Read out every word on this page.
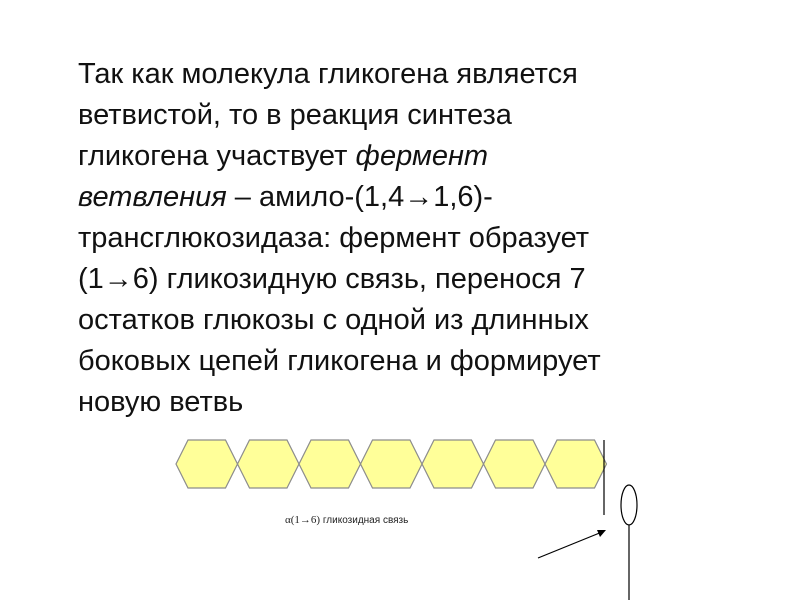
Так как молекула гликогена является
ветвистой, то в реакция синтеза
гликогена участвует фермент
ветвления – амило-(1,4→1,6)-
трансглюкозидаза: фермент образует
(1→6) гликозидную связь, перенося 7
остатков глюкозы с одной из длинных
боковых цепей гликогена и формирует
новую ветвь
α(1→6) гликозидная связь
